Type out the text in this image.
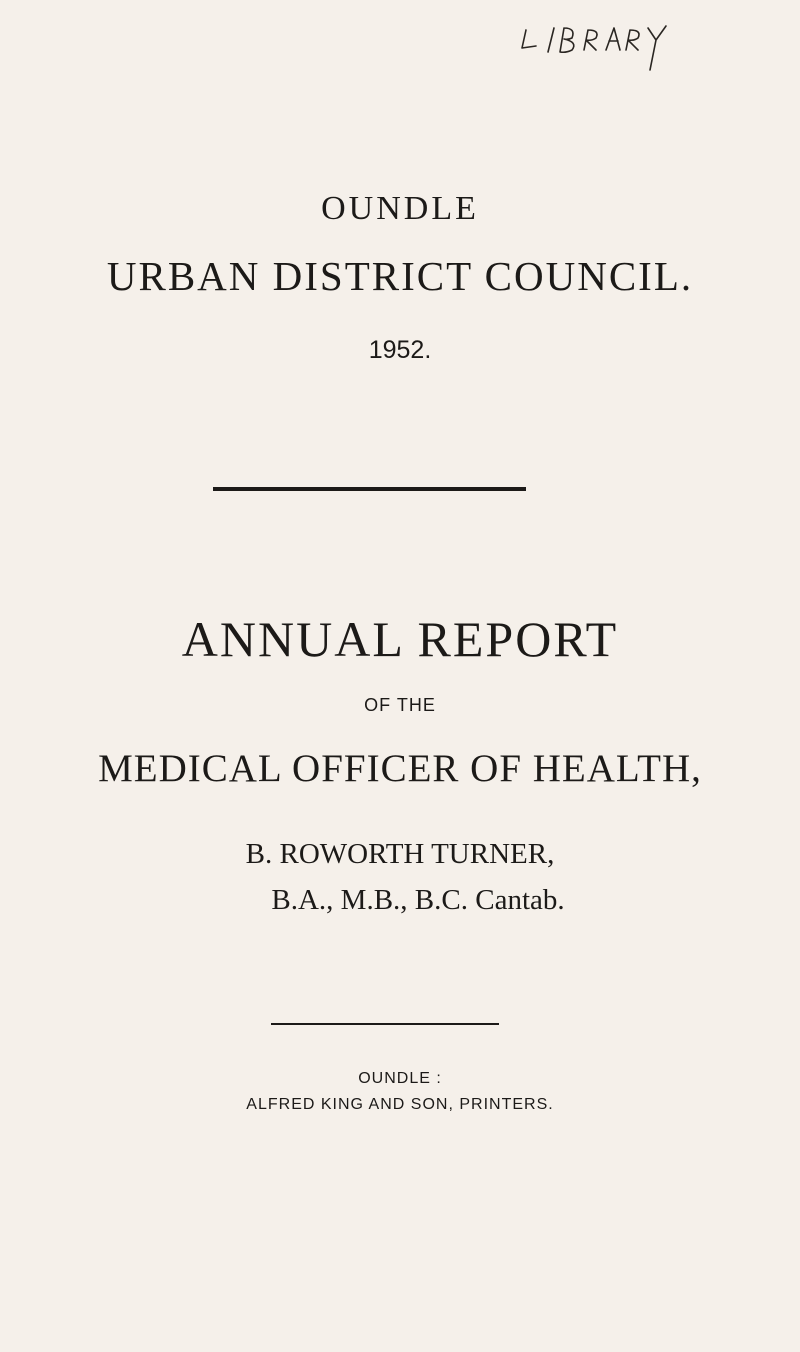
OUNDLE
URBAN DISTRICT COUNCIL.
1952.
ANNUAL REPORT
OF THE
MEDICAL OFFICER OF HEALTH,
B. ROWORTH TURNER,
B.A., M.B., B.C. Cantab.
OUNDLE :
ALFRED KING AND SON, PRINTERS.
